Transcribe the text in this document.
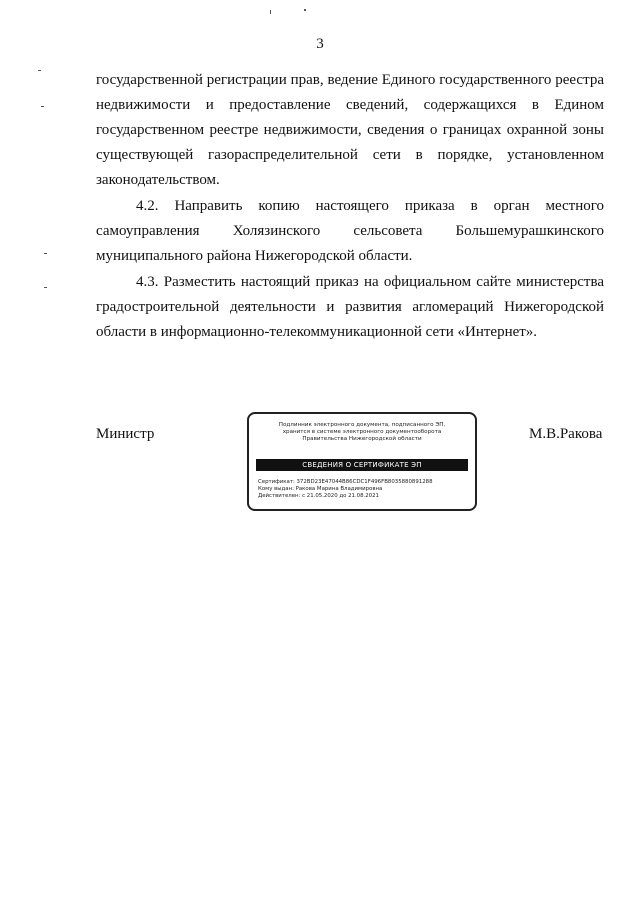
3

государственной регистрации прав, ведение Единого государственного реестра недвижимости и предоставление сведений, содержащихся в Едином государственном реестре недвижимости, сведения о границах охранной зоны существующей газораспределительной сети в порядке, установленном законодательством.

4.2. Направить копию настоящего приказа в орган местного самоуправления Холязинского сельсовета Большемурашкинского муниципального района Нижегородской области.

4.3. Разместить настоящий приказ на официальном сайте министерства градостроительной деятельности и развития агломераций Нижегородской области в информационно-телекоммуникационной сети «Интернет».

Министр
Подлинник электронного документа, подписанного ЭП,
хранится в системе электронного документооборота
Правительства Нижегородской области
СВЕДЕНИЯ О СЕРТИФИКАТЕ ЭП
Сертификат: 372BD23E47044B86CDC1F496FB8035880891288
Кому выдан: Ракова Марина Владимировна
Действителен: с 21.05.2020 до 21.08.2021
М.В.Ракова
